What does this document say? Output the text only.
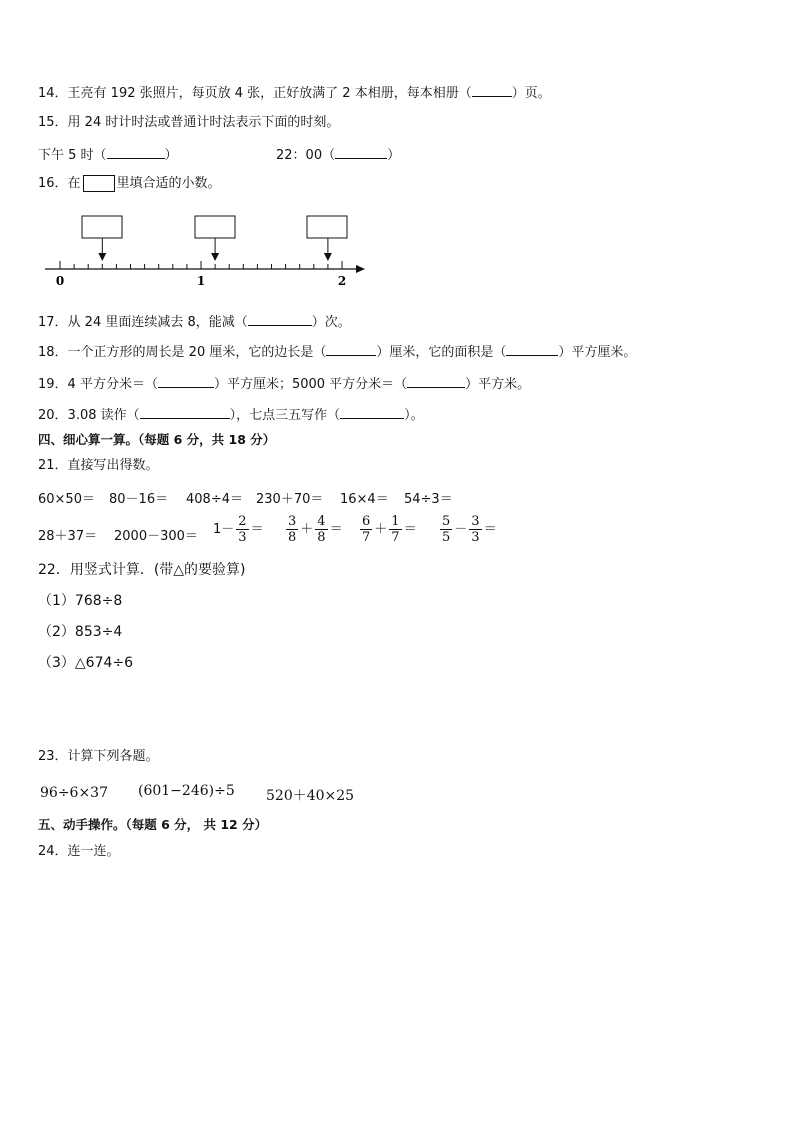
14．王亮有 192 张照片，每页放 4 张，正好放满了 2 本相册，每本相册（	）页。
15．用 24 时计时法或普通计时法表示下面的时刻。
下午 5 时（	）	22：00（	）
16．在	里填合适的小数。
0	1	2
17．从 24 里面连续减去 8，能减（	）次。
18．一个正方形的周长是 20 厘米，它的边长是（	）厘米，它的面积是（	）平方厘米。
19．4 平方分米＝（	）平方厘米；5000 平方分米＝（	）平方米。
20．3.08 读作（	），七点三五写作（	）。
四、细心算一算。（每题 6 分，共 18 分）
21．直接写出得数。
60×50＝ 80－16＝ 408÷4＝ 230＋70＝ 16×4＝ 54÷3＝
$28+37= 2000-300= 1- \frac{2}{3} = \frac{3}{8} + \frac{4}{8} = \frac{6}{7} + \frac{1}{7} = \frac{5}{5} - \frac{3}{3}$ ＝
22．用竖式计算．(带△的要验算)
（1）768÷8
（2）853÷4
（3）△674÷6
23．计算下列各题。
96÷6×37 (601−246)÷5 520＋40×25
五、动手操作。（每题 6 分， 共 12 分）
24．连一连。
